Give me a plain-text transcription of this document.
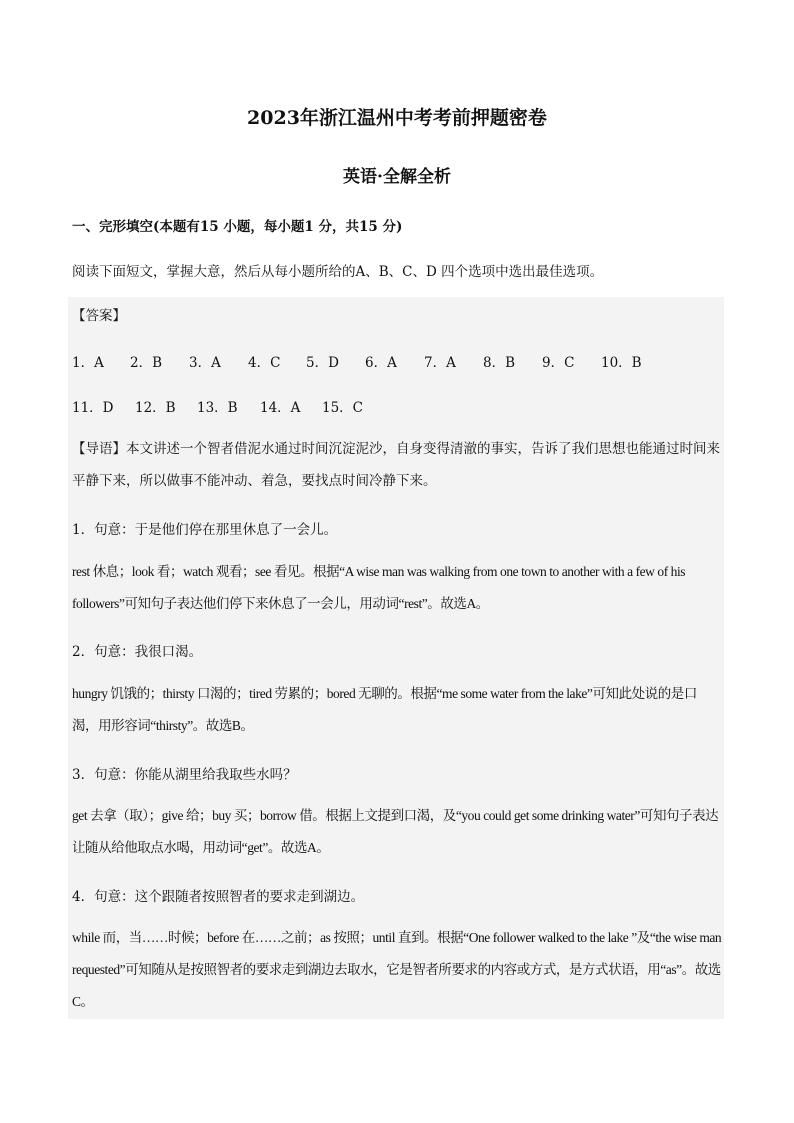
2023年浙江温州中考考前押题密卷
英语·全解全析
一、完形填空(本题有15 小题，每小题1 分，共15 分)
阅读下面短文，掌握大意，然后从每小题所给的A、B、C、D 四个选项中选出最佳选项。
【答案】
1．A 2．B 3．A 4．C 5．D 6．A 7．A 8．B 9．C 10．B
11．D 12．B 13．B 14．A 15．C
【导语】本文讲述一个智者借泥水通过时间沉淀泥沙，自身变得清澈的事实，告诉了我们思想也能通过时间来平静下来，所以做事不能冲动、着急，要找点时间冷静下来。
1．句意：于是他们停在那里休息了一会儿。
rest 休息；look 看；watch 观看；see 看见。根据“A wise man was walking from one town to another with a few of his followers”可知句子表达他们停下来休息了一会儿，用动词“rest”。故选A。
2．句意：我很口渴。
hungry 饥饿的；thirsty 口渴的；tired 劳累的；bored 无聊的。根据“me some water from the lake”可知此处说的是口渴，用形容词“thirsty”。故选B。
3．句意：你能从湖里给我取些水吗？
get 去拿（取）；give 给；buy 买；borrow 借。根据上文提到口渴，及“you could get some drinking water”可知句子表达让随从给他取点水喝，用动词“get”。故选A。
4．句意：这个跟随者按照智者的要求走到湖边。
while 而，当……时候；before 在……之前；as 按照；until 直到。根据“One follower walked to the lake ”及“the wise man requested”可知随从是按照智者的要求走到湖边去取水，它是智者所要求的内容或方式，是方式状语，用“as”。故选C。
